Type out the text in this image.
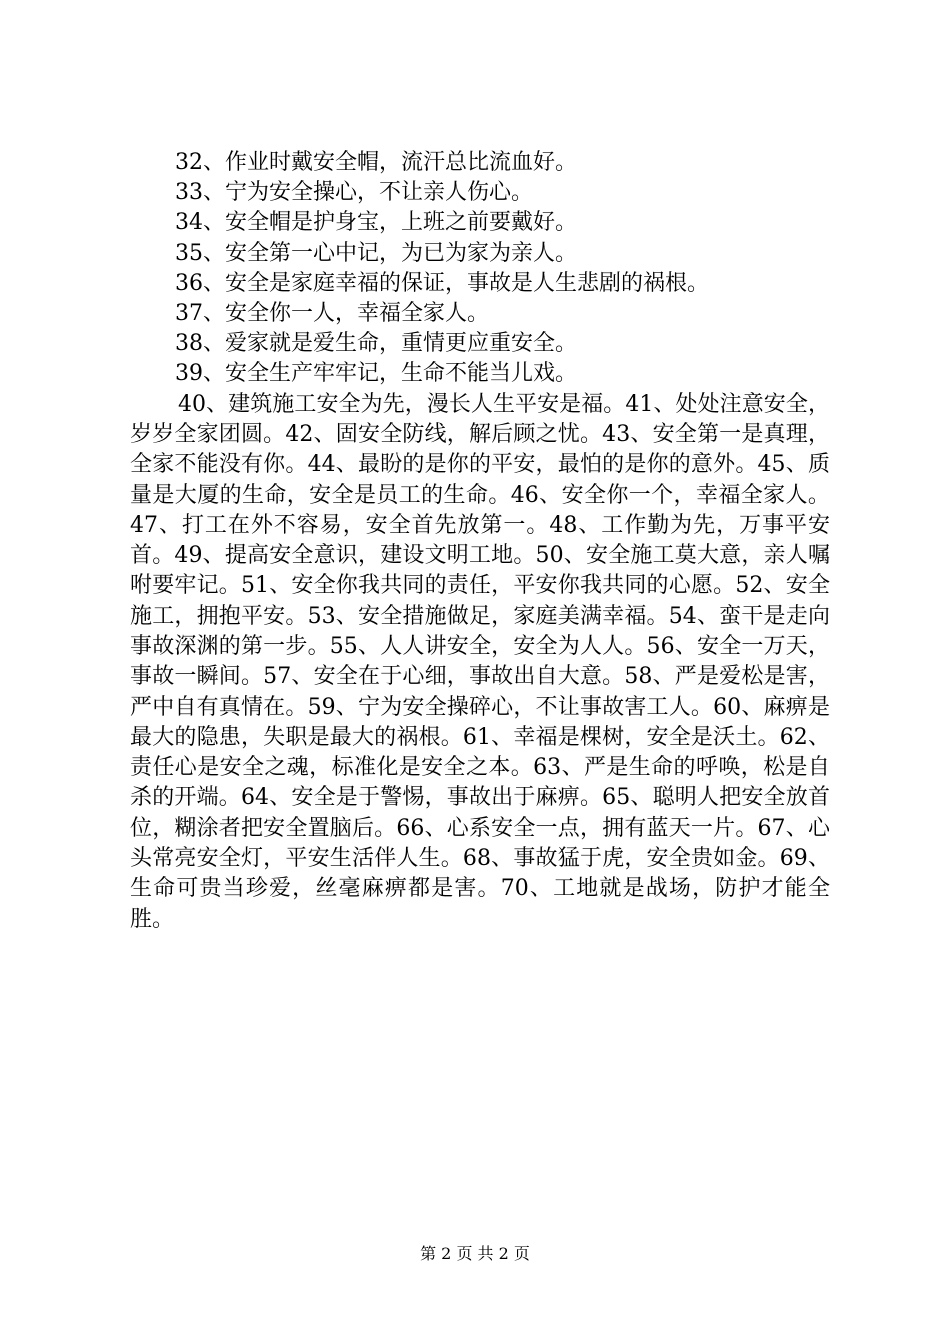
32、作业时戴安全帽，流汗总比流血好。
33、宁为安全操心，不让亲人伤心。
34、安全帽是护身宝，上班之前要戴好。
35、安全第一心中记，为已为家为亲人。
36、安全是家庭幸福的保证，事故是人生悲剧的祸根。
37、安全你一人，幸福全家人。
38、爱家就是爱生命，重情更应重安全。
39、安全生产牢牢记，生命不能当儿戏。

40、建筑施工安全为先，漫长人生平安是福。41、处处注意安全，岁岁全家团圆。42、固安全防线，解后顾之忧。43、安全第一是真理，全家不能没有你。44、最盼的是你的平安，最怕的是你的意外。45、质量是大厦的生命，安全是员工的生命。46、安全你一个，幸福全家人。47、打工在外不容易，安全首先放第一。48、工作勤为先，万事平安首。49、提高安全意识，建设文明工地。50、安全施工莫大意，亲人嘱咐要牢记。51、安全你我共同的责任，平安你我共同的心愿。52、安全施工，拥抱平安。53、安全措施做足，家庭美满幸福。54、蛮干是走向事故深渊的第一步。55、人人讲安全，安全为人人。56、安全一万天，事故一瞬间。57、安全在于心细，事故出自大意。58、严是爱松是害，严中自有真情在。59、宁为安全操碎心，不让事故害工人。60、麻痹是最大的隐患，失职是最大的祸根。61、幸福是棵树，安全是沃土。62、责任心是安全之魂，标准化是安全之本。63、严是生命的呼唤，松是自杀的开端。64、安全是于警惕，事故出于麻痹。65、聪明人把安全放首位，糊涂者把安全置脑后。66、心系安全一点，拥有蓝天一片。67、心头常亮安全灯，平安生活伴人生。68、事故猛于虎，安全贵如金。69、生命可贵当珍爱，丝毫麻痹都是害。70、工地就是战场，防护才能全胜。

第 2 页 共 2 页
